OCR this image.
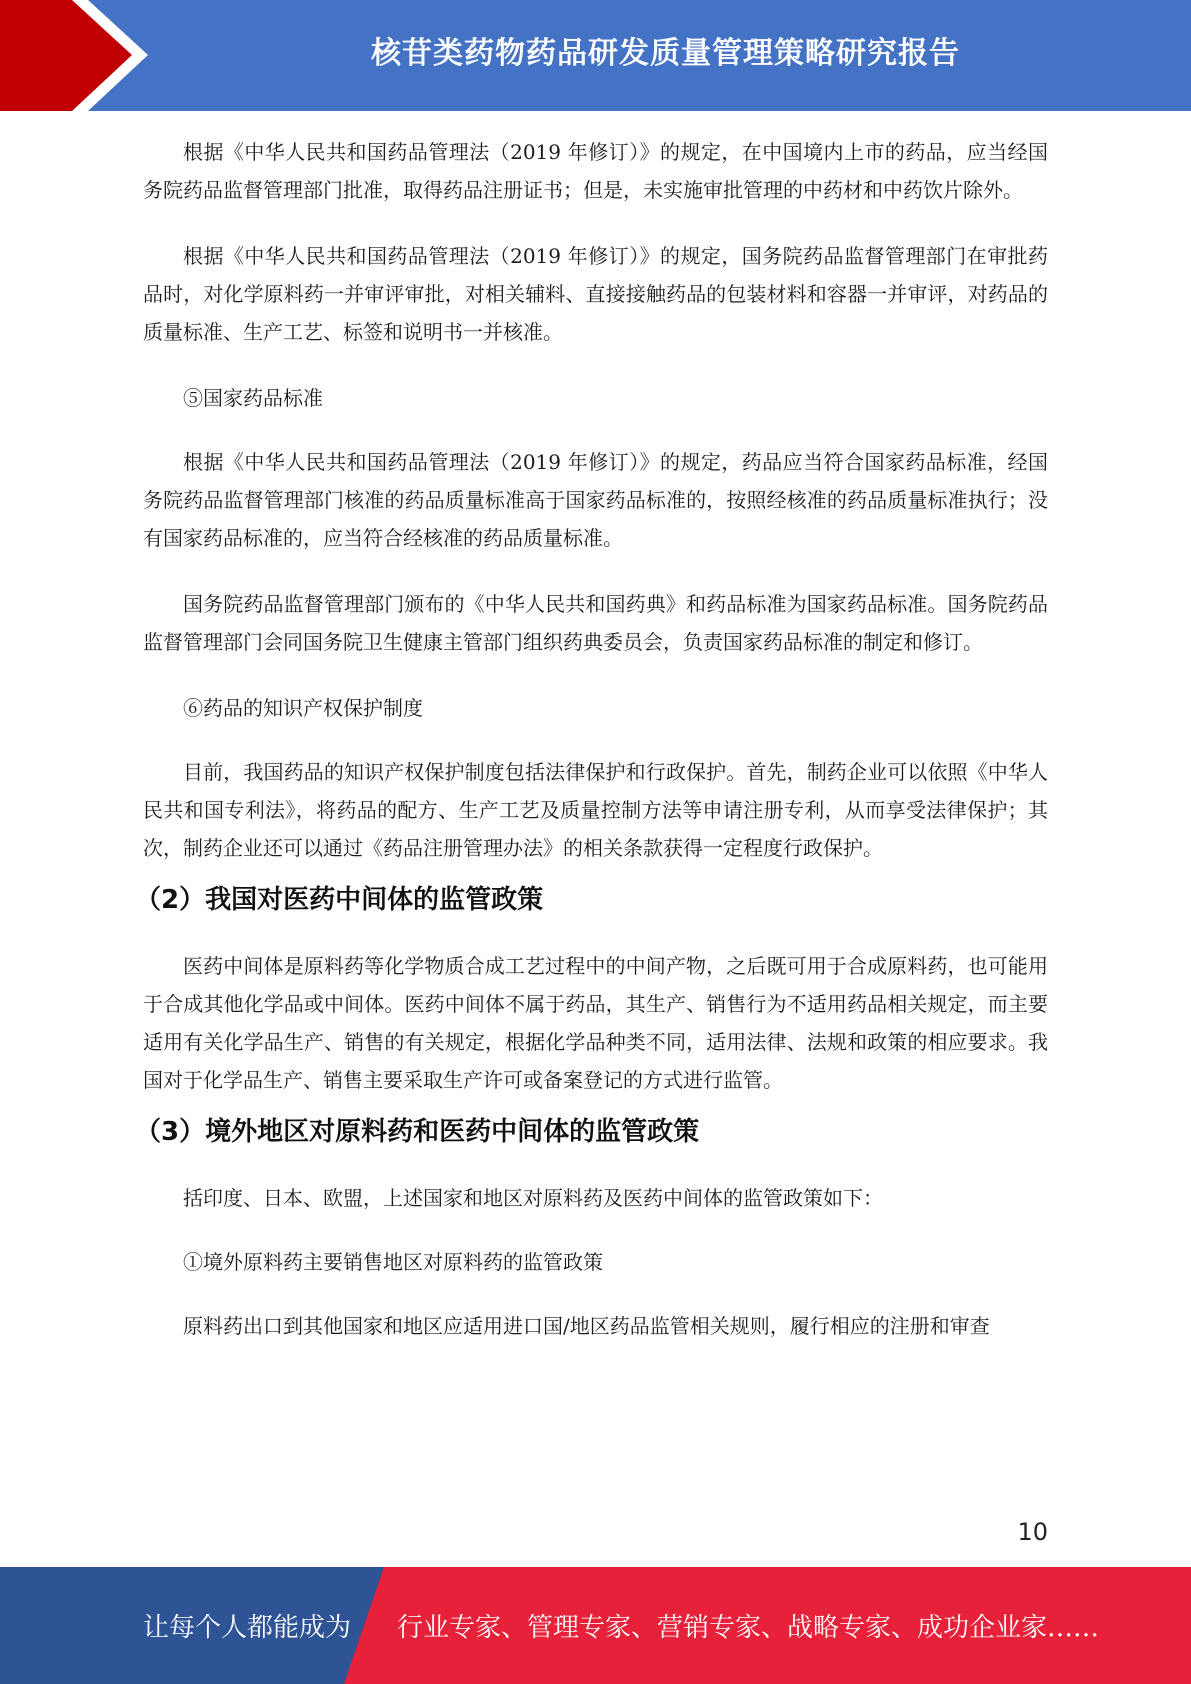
核苷类药物药品研发质量管理策略研究报告

根据《中华人民共和国药品管理法（2019 年修订）》的规定，在中国境内上市的药品，应当经国务院药品监督管理部门批准，取得药品注册证书；但是，未实施审批管理的中药材和中药饮片除外。

根据《中华人民共和国药品管理法（2019 年修订）》的规定，国务院药品监督管理部门在审批药品时，对化学原料药一并审评审批，对相关辅料、直接接触药品的包装材料和容器一并审评，对药品的质量标准、生产工艺、标签和说明书一并核准。

⑤国家药品标准

根据《中华人民共和国药品管理法（2019 年修订）》的规定，药品应当符合国家药品标准，经国务院药品监督管理部门核准的药品质量标准高于国家药品标准的，按照经核准的药品质量标准执行；没有国家药品标准的，应当符合经核准的药品质量标准。

国务院药品监督管理部门颁布的《中华人民共和国药典》和药品标准为国家药品标准。国务院药品监督管理部门会同国务院卫生健康主管部门组织药典委员会，负责国家药品标准的制定和修订。

⑥药品的知识产权保护制度

目前，我国药品的知识产权保护制度包括法律保护和行政保护。首先，制药企业可以依照《中华人民共和国专利法》，将药品的配方、生产工艺及质量控制方法等申请注册专利，从而享受法律保护；其次，制药企业还可以通过《药品注册管理办法》的相关条款获得一定程度行政保护。

（2）我国对医药中间体的监管政策

医药中间体是原料药等化学物质合成工艺过程中的中间产物，之后既可用于合成原料药，也可能用于合成其他化学品或中间体。医药中间体不属于药品，其生产、销售行为不适用药品相关规定，而主要适用有关化学品生产、销售的有关规定，根据化学品种类不同，适用法律、法规和政策的相应要求。我国对于化学品生产、销售主要采取生产许可或备案登记的方式进行监管。

（3）境外地区对原料药和医药中间体的监管政策

括印度、日本、欧盟，上述国家和地区对原料药及医药中间体的监管政策如下：

①境外原料药主要销售地区对原料药的监管政策

原料药出口到其他国家和地区应适用进口国/地区药品监管相关规则，履行相应的注册和审查

10
让每个人都能成为 行业专家、管理专家、营销专家、战略专家、成功企业家……
